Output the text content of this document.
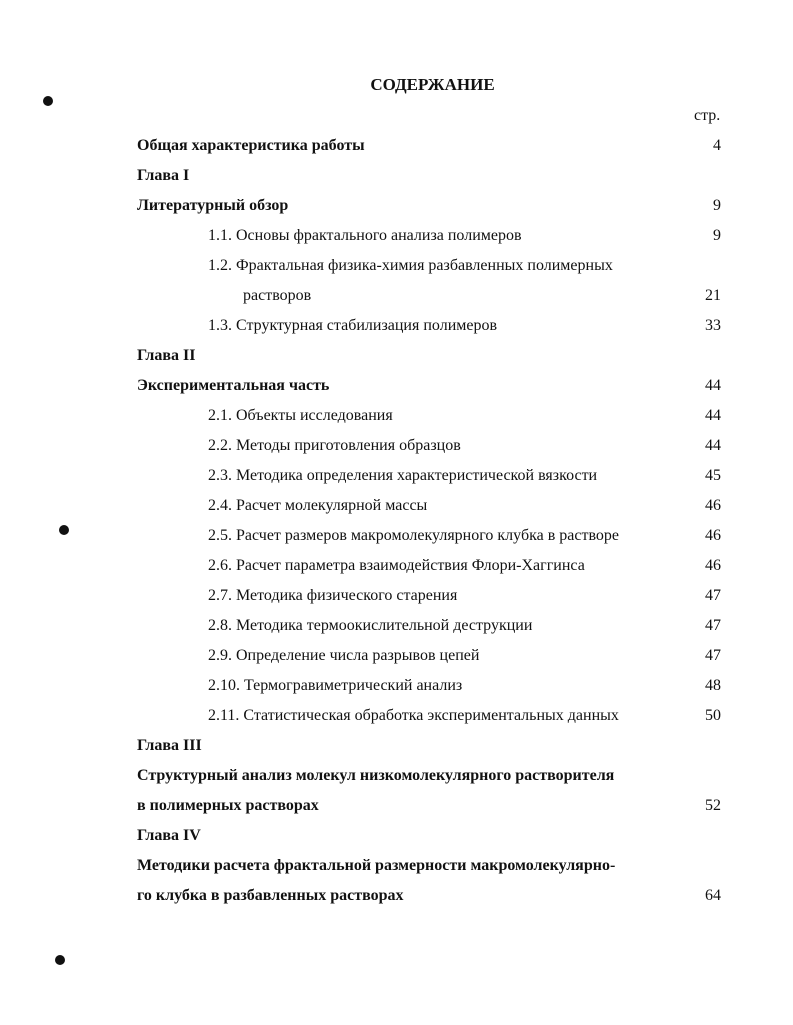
СОДЕРЖАНИЕ
стр.
Общая характеристика работы	4
Глава I
Литературный обзор	9
1.1. Основы фрактального анализа полимеров	9
1.2. Фрактальная физика-химия разбавленных полимерных
растворов	21
1.3. Структурная стабилизация полимеров	33
Глава II
Экспериментальная часть	44
2.1. Объекты исследования	44
2.2. Методы приготовления образцов	44
2.3. Методика определения характеристической вязкости	45
2.4. Расчет молекулярной массы	46
2.5. Расчет размеров макромолекулярного клубка в растворе	46
2.6. Расчет параметра взаимодействия Флори-Хаггинса	46
2.7. Методика физического старения	47
2.8. Методика термоокислительной деструкции	47
2.9. Определение числа разрывов цепей	47
2.10. Термогравиметрический анализ	48
2.11. Статистическая обработка экспериментальных данных	50
Глава III
Структурный анализ молекул низкомолекулярного растворителя
в полимерных растворах	52
Глава IV
Методики расчета фрактальной размерности макромолекулярно-
го клубка в разбавленных растворах	64
